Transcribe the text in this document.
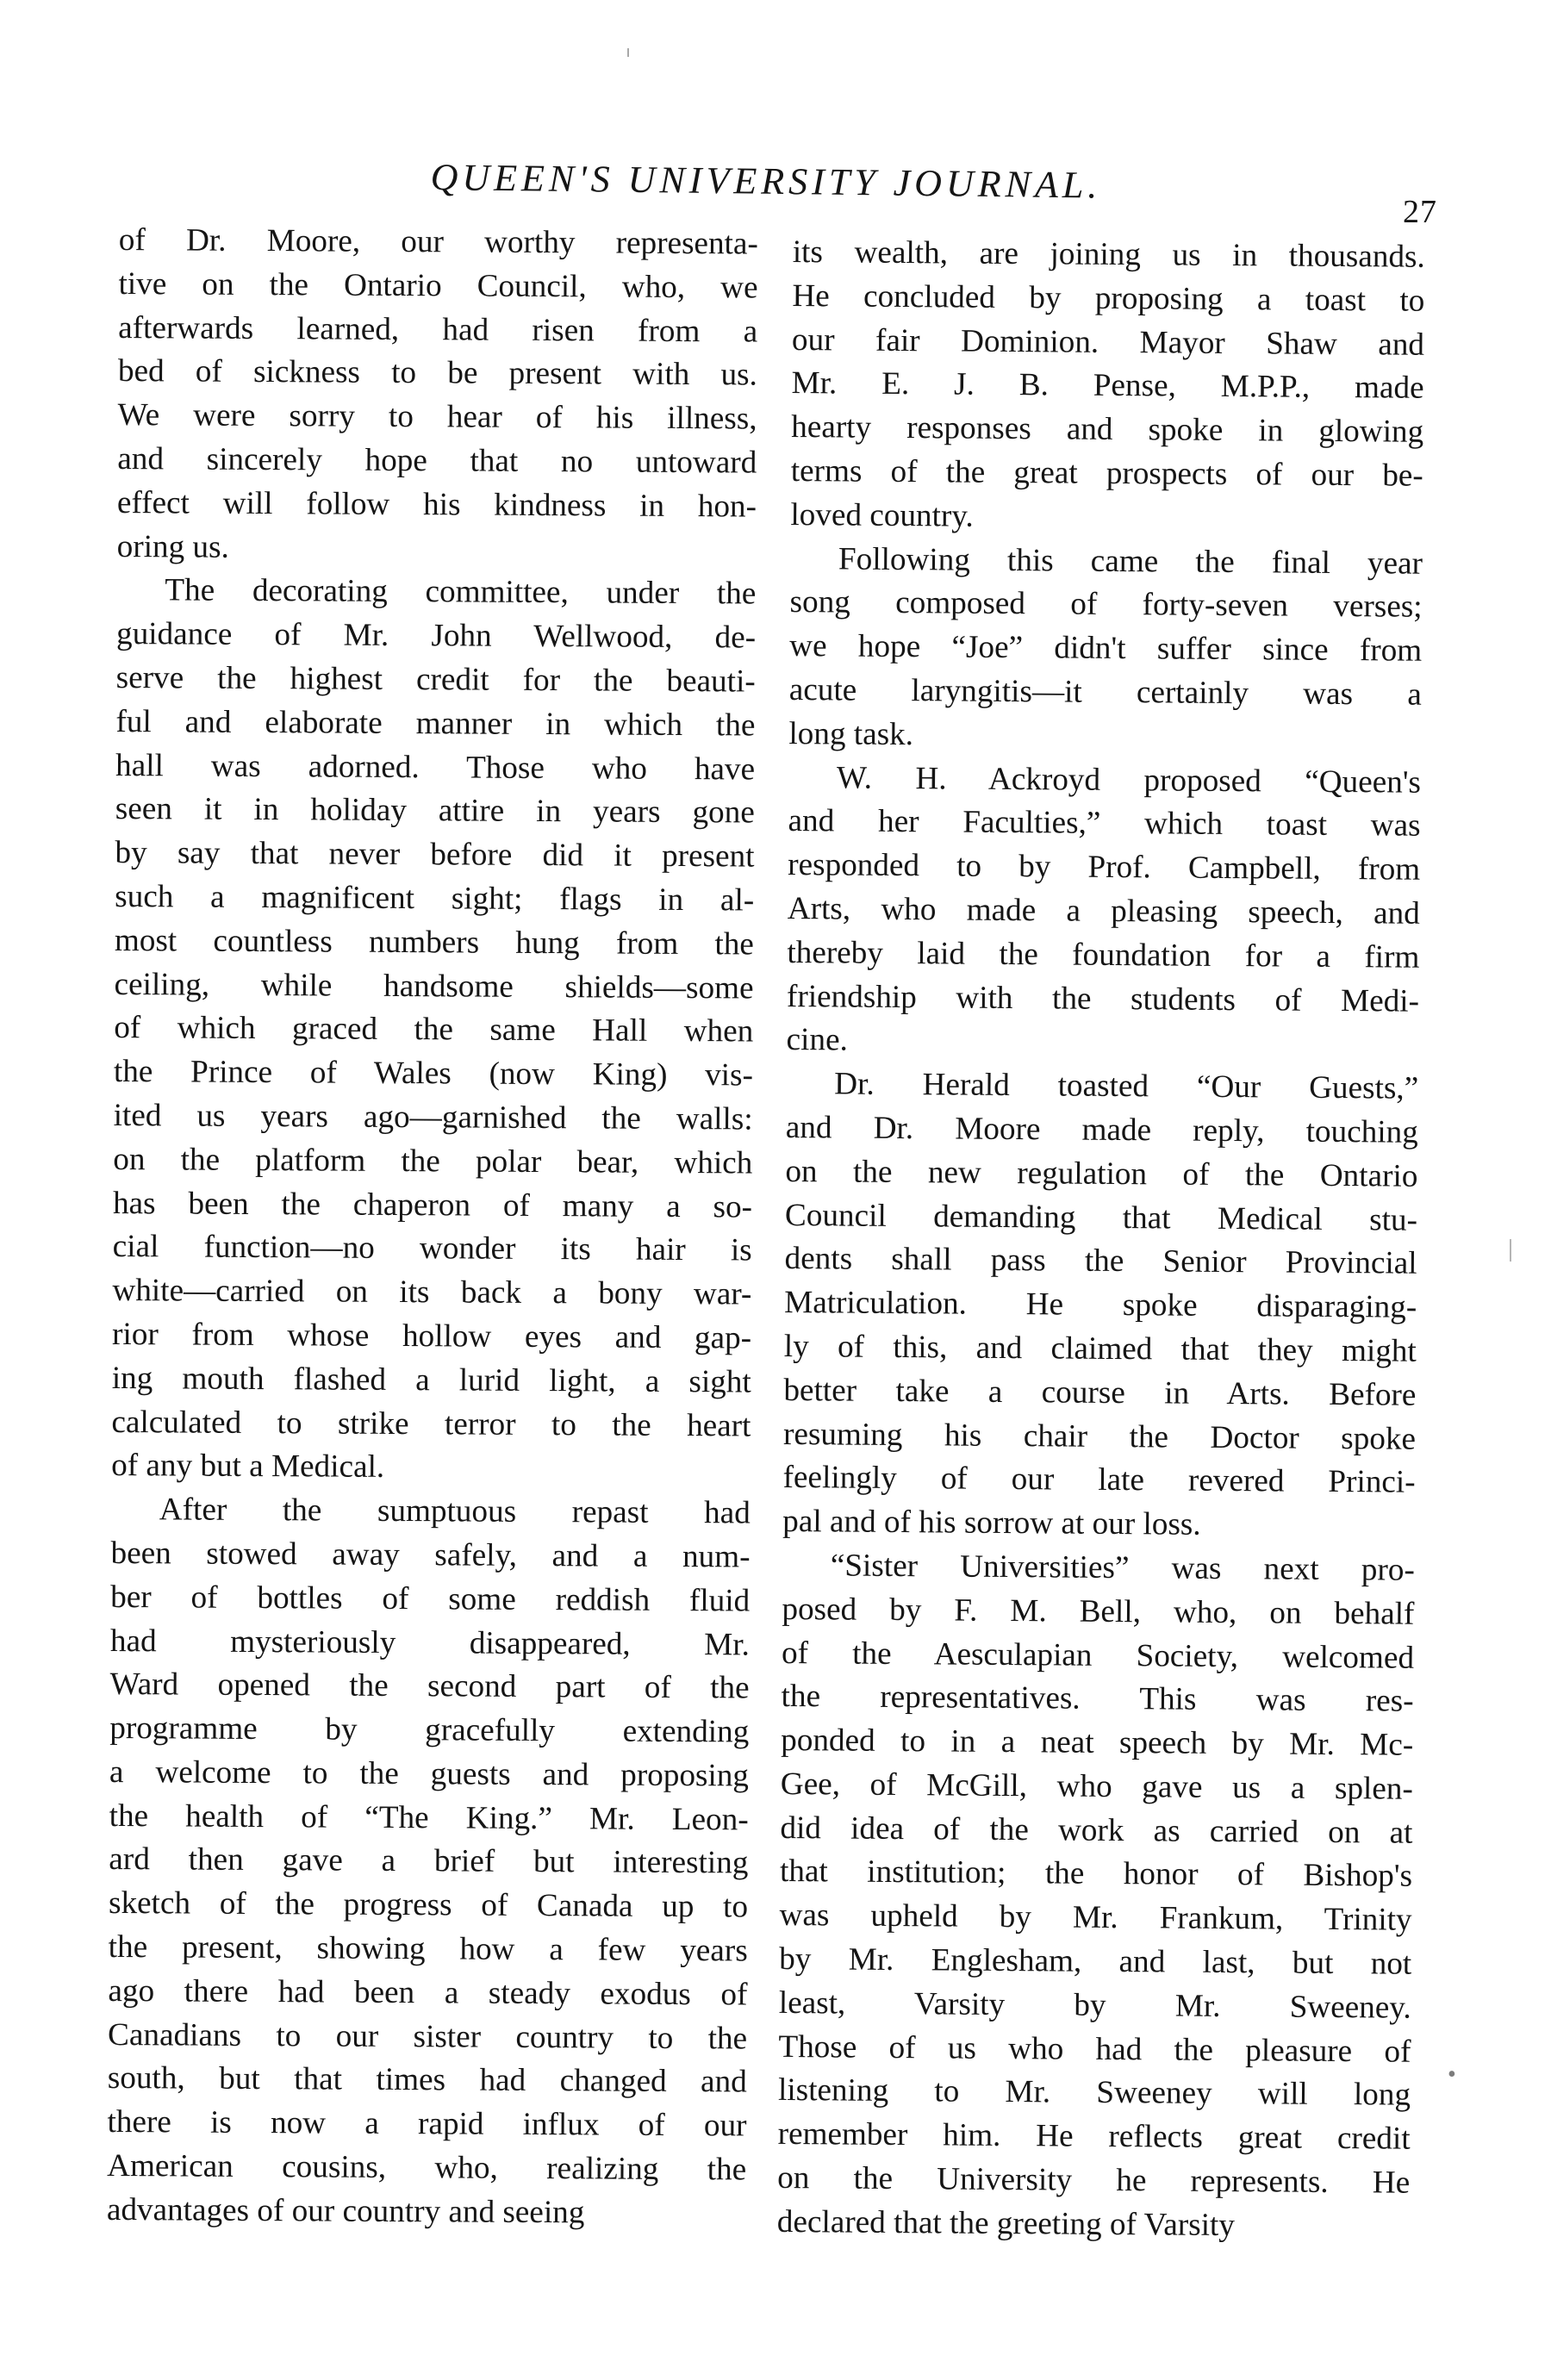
•
QUEEN'S UNIVERSITY JOURNAL.
27
of Dr. Moore, our worthy representa-
tive on the Ontario Council, who, we
afterwards learned, had risen from a
bed of sickness to be present with us.
We were sorry to hear of his illness,
and sincerely hope that no untoward
effect will follow his kindness in hon-
oring us.
The decorating committee, under the
guidance of Mr. John Wellwood, de-
serve the highest credit for the beauti-
ful and elaborate manner in which the
hall was adorned. Those who have
seen it in holiday attire in years gone
by say that never before did it present
such a magnificent sight; flags in al-
most countless numbers hung from the
ceiling, while handsome shields—some
of which graced the same Hall when
the Prince of Wales (now King) vis-
ited us years ago—garnished the walls:
on the platform the polar bear, which
has been the chaperon of many a so-
cial function—no wonder its hair is
white—carried on its back a bony war-
rior from whose hollow eyes and gap-
ing mouth flashed a lurid light, a sight
calculated to strike terror to the heart
of any but a Medical.
After the sumptuous repast had
been stowed away safely, and a num-
ber of bottles of some reddish fluid
had mysteriously disappeared, Mr.
Ward opened the second part of the
programme by gracefully extending
a welcome to the guests and proposing
the health of “The King.” Mr. Leon-
ard then gave a brief but interesting
sketch of the progress of Canada up to
the present, showing how a few years
ago there had been a steady exodus of
Canadians to our sister country to the
south, but that times had changed and
there is now a rapid influx of our
American cousins, who, realizing the
advantages of our country and seeing
its wealth, are joining us in thousands.
He concluded by proposing a toast to
our fair Dominion. Mayor Shaw and
Mr. E. J. B. Pense, M.P.P., made
hearty responses and spoke in glowing
terms of the great prospects of our be-
loved country.
Following this came the final year
song composed of forty-seven verses;
we hope “Joe” didn't suffer since from
acute laryngitis—it certainly was a
long task.
W. H. Ackroyd proposed “Queen's
and her Faculties,” which toast was
responded to by Prof. Campbell, from
Arts, who made a pleasing speech, and
thereby laid the foundation for a firm
friendship with the students of Medi-
cine.
Dr. Herald toasted “Our Guests,”
and Dr. Moore made reply, touching
on the new regulation of the Ontario
Council demanding that Medical stu-
dents shall pass the Senior Provincial
Matriculation. He spoke disparaging-
ly of this, and claimed that they might
better take a course in Arts. Before
resuming his chair the Doctor spoke
feelingly of our late revered Princi-
pal and of his sorrow at our loss.
“Sister Universities” was next pro-
posed by F. M. Bell, who, on behalf
of the Aesculapian Society, welcomed
the representatives. This was res-
ponded to in a neat speech by Mr. Mc-
Gee, of McGill, who gave us a splen-
did idea of the work as carried on at
that institution; the honor of Bishop's
was upheld by Mr. Frankum, Trinity
by Mr. Englesham, and last, but not
least, Varsity by Mr. Sweeney.
Those of us who had the pleasure of
listening to Mr. Sweeney will long
remember him. He reflects great credit
on the University he represents. He
declared that the greeting of Varsity
